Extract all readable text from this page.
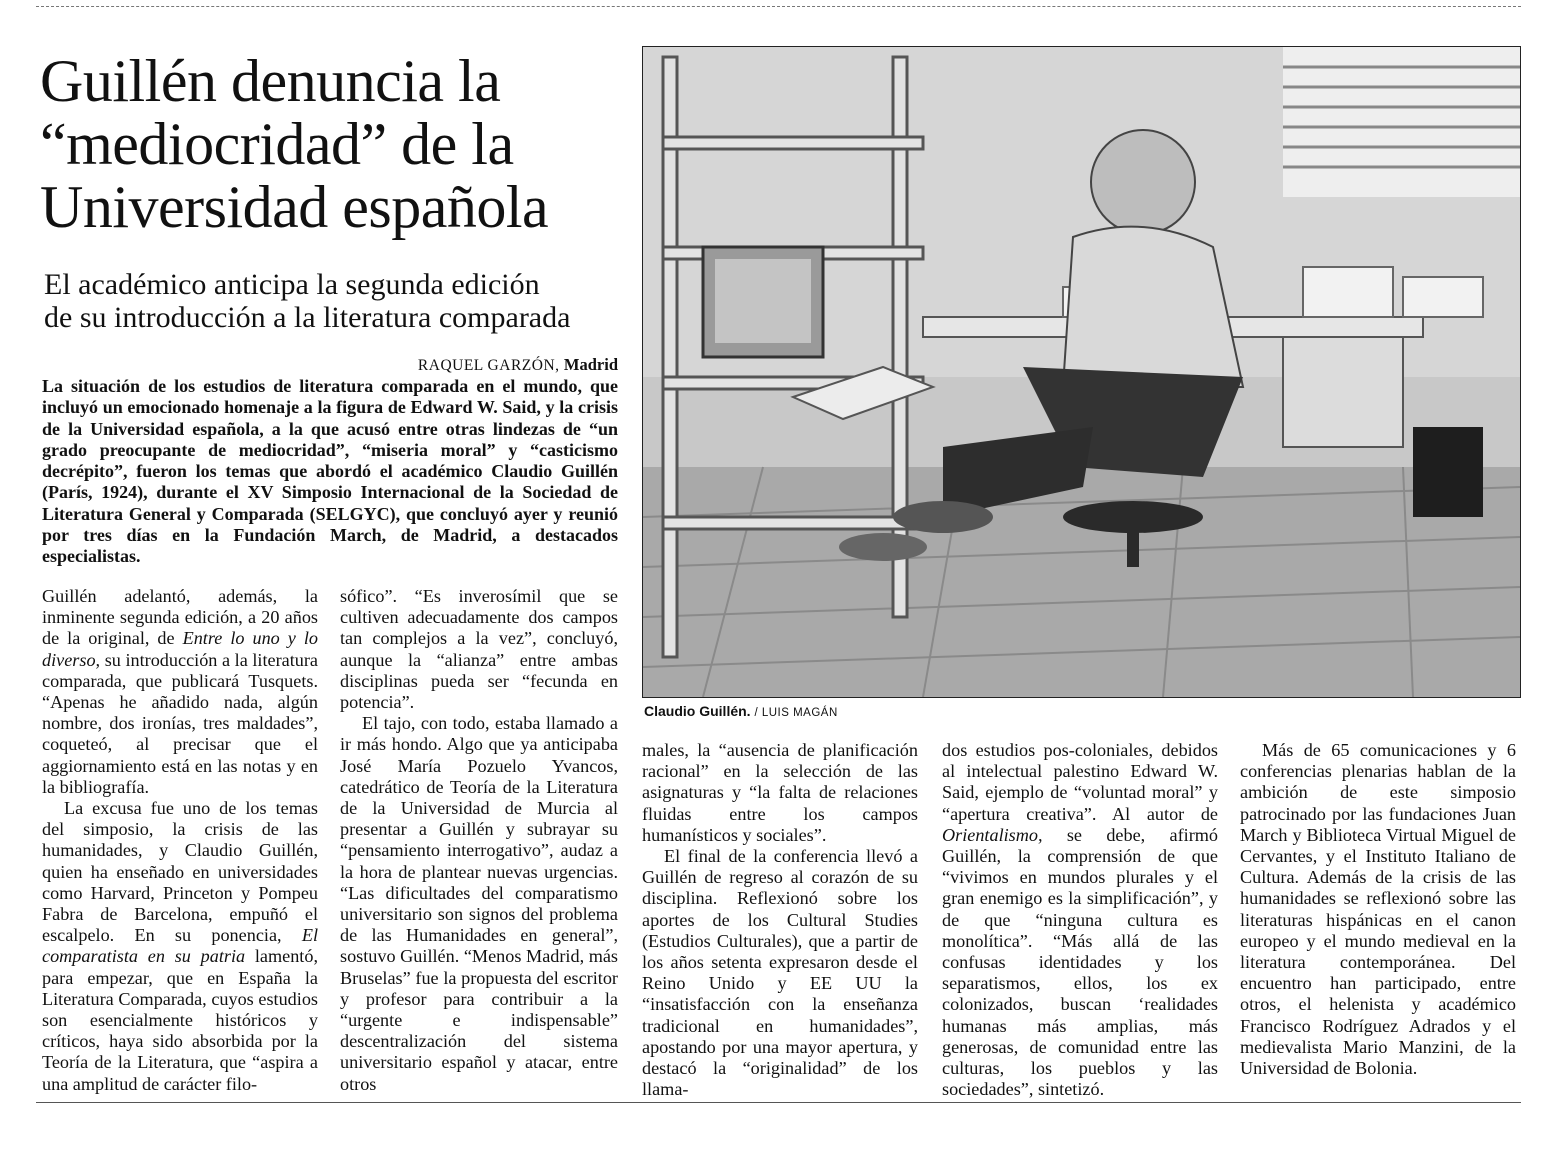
Guillén denuncia la
“mediocridad” de la
Universidad española
El académico anticipa la segunda edición
de su introducción a la literatura comparada

RAQUEL GARZÓN, Madrid

La situación de los estudios de literatura comparada en el mundo, que incluyó un emocionado homenaje a la figura de Edward W. Said, y la crisis de la Universidad española, a la que acusó entre otras lindezas de “un grado preocupante de mediocridad”, “miseria moral” y “casticismo decrépito”, fueron los temas que abordó el académico Claudio Guillén (París, 1924), durante el XV Simposio Internacional de la Sociedad de Literatura General y Comparada (SELGYC), que concluyó ayer y reunió por tres días en la Fundación March, de Madrid, a destacados especialistas.

Guillén adelantó, además, la inminente segunda edición, a 20 años de la original, de Entre lo uno y lo diverso, su introducción a la literatura comparada, que publicará Tusquets. “Apenas he añadido nada, algún nombre, dos ironías, tres maldades”, coqueteó, al precisar que el aggiornamiento está en las notas y en la bibliografía.

La excusa fue uno de los temas del simposio, la crisis de las humanidades, y Claudio Guillén, quien ha enseñado en universidades como Harvard, Princeton y Pompeu Fabra de Barcelona, empuñó el escalpelo. En su ponencia, El comparatista en su patria lamentó, para empezar, que en España la Literatura Comparada, cuyos estudios son esencialmente históricos y críticos, haya sido absorbida por la Teoría de la Literatura, que “aspira a una amplitud de carácter filo-

sófico”. “Es inverosímil que se cultiven adecuadamente dos campos tan complejos a la vez”, concluyó, aunque la “alianza” entre ambas disciplinas pueda ser “fecunda en potencia”.

El tajo, con todo, estaba llamado a ir más hondo. Algo que ya anticipaba José María Pozuelo Yvancos, catedrático de Teoría de la Literatura de la Universidad de Murcia al presentar a Guillén y subrayar su “pensamiento interrogativo”, audaz a la hora de plantear nuevas urgencias. “Las dificultades del comparatismo universitario son signos del problema de las Humanidades en general”, sostuvo Guillén. “Menos Madrid, más Bruselas” fue la propuesta del escritor y profesor para contribuir a la “urgente e indispensable” descentralización del sistema universitario español y atacar, entre otros

Claudio Guillén. / LUIS MAGÁN

males, la “ausencia de planificación racional” en la selección de las asignaturas y “la falta de relaciones fluidas entre los campos humanísticos y sociales”.

El final de la conferencia llevó a Guillén de regreso al corazón de su disciplina. Reflexionó sobre los aportes de los Cultural Studies (Estudios Culturales), que a partir de los años setenta expresaron desde el Reino Unido y EE UU la “insatisfacción con la enseñanza tradicional en humanidades”, apostando por una mayor apertura, y destacó la “originalidad” de los llama-

dos estudios pos-coloniales, debidos al intelectual palestino Edward W. Said, ejemplo de “voluntad moral” y “apertura creativa”. Al autor de Orientalismo, se debe, afirmó Guillén, la comprensión de que “vivimos en mundos plurales y el gran enemigo es la simplificación”, y de que “ninguna cultura es monolítica”. “Más allá de las confusas identidades y los separatismos, ellos, los ex colonizados, buscan ‘realidades humanas más amplias, más generosas, de comunidad entre las culturas, los pueblos y las sociedades”, sintetizó.

Más de 65 comunicaciones y 6 conferencias plenarias hablan de la ambición de este simposio patrocinado por las fundaciones Juan March y Biblioteca Virtual Miguel de Cervantes, y el Instituto Italiano de Cultura. Además de la crisis de las humanidades se reflexionó sobre las literaturas hispánicas en el canon europeo y el mundo medieval en la literatura contemporánea. Del encuentro han participado, entre otros, el helenista y académico Francisco Rodríguez Adrados y el medievalista Mario Manzini, de la Universidad de Bolonia.
